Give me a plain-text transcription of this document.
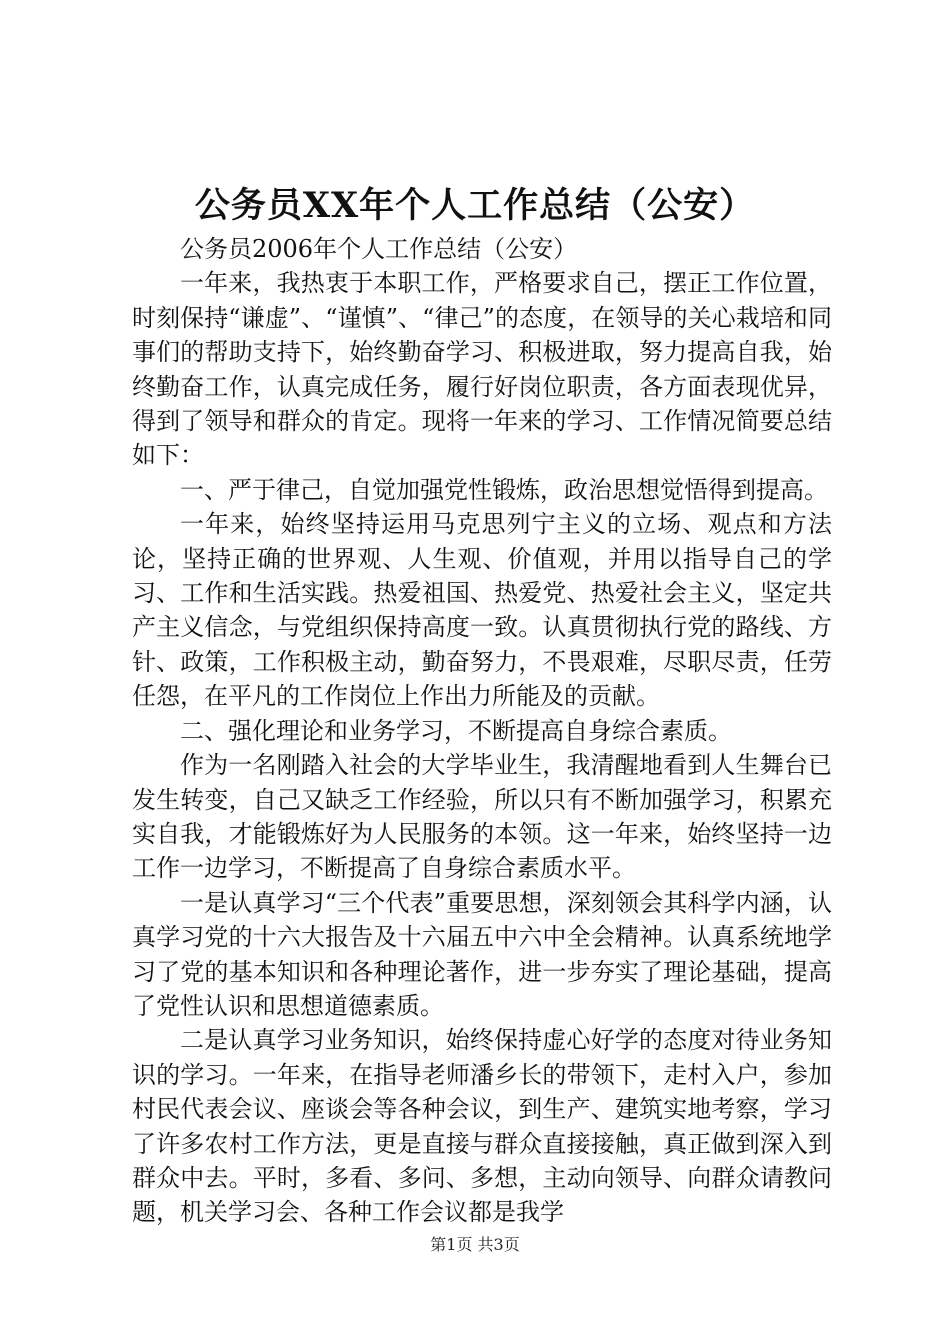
公务员XX年个人工作总结（公安）

公务员2006年个人工作总结（公安）

一年来，我热衷于本职工作，严格要求自己，摆正工作位置，时刻保持“谦虚”、“谨慎”、“律己”的态度，在领导的关心栽培和同事们的帮助支持下，始终勤奋学习、积极进取，努力提高自我，始终勤奋工作，认真完成任务，履行好岗位职责，各方面表现优异，得到了领导和群众的肯定。现将一年来的学习、工作情况简要总结如下：

一、严于律己，自觉加强党性锻炼，政治思想觉悟得到提高。

一年来，始终坚持运用马克思列宁主义的立场、观点和方法论，坚持正确的世界观、人生观、价值观，并用以指导自己的学习、工作和生活实践。热爱祖国、热爱党、热爱社会主义，坚定共产主义信念，与党组织保持高度一致。认真贯彻执行党的路线、方针、政策，工作积极主动，勤奋努力，不畏艰难，尽职尽责，任劳任怨，在平凡的工作岗位上作出力所能及的贡献。

二、强化理论和业务学习，不断提高自身综合素质。

作为一名刚踏入社会的大学毕业生，我清醒地看到人生舞台已发生转变，自己又缺乏工作经验，所以只有不断加强学习，积累充实自我，才能锻炼好为人民服务的本领。这一年来，始终坚持一边工作一边学习，不断提高了自身综合素质水平。

一是认真学习“三个代表”重要思想，深刻领会其科学内涵，认真学习党的十六大报告及十六届五中六中全会精神。认真系统地学习了党的基本知识和各种理论著作，进一步夯实了理论基础，提高了党性认识和思想道德素质。

二是认真学习业务知识，始终保持虚心好学的态度对待业务知识的学习。一年来，在指导老师潘乡长的带领下，走村入户，参加村民代表会议、座谈会等各种会议，到生产、建筑实地考察，学习了许多农村工作方法，更是直接与群众直接接触，真正做到深入到群众中去。平时，多看、多问、多想，主动向领导、向群众请教问题，机关学习会、各种工作会议都是我学

第1页 共3页
